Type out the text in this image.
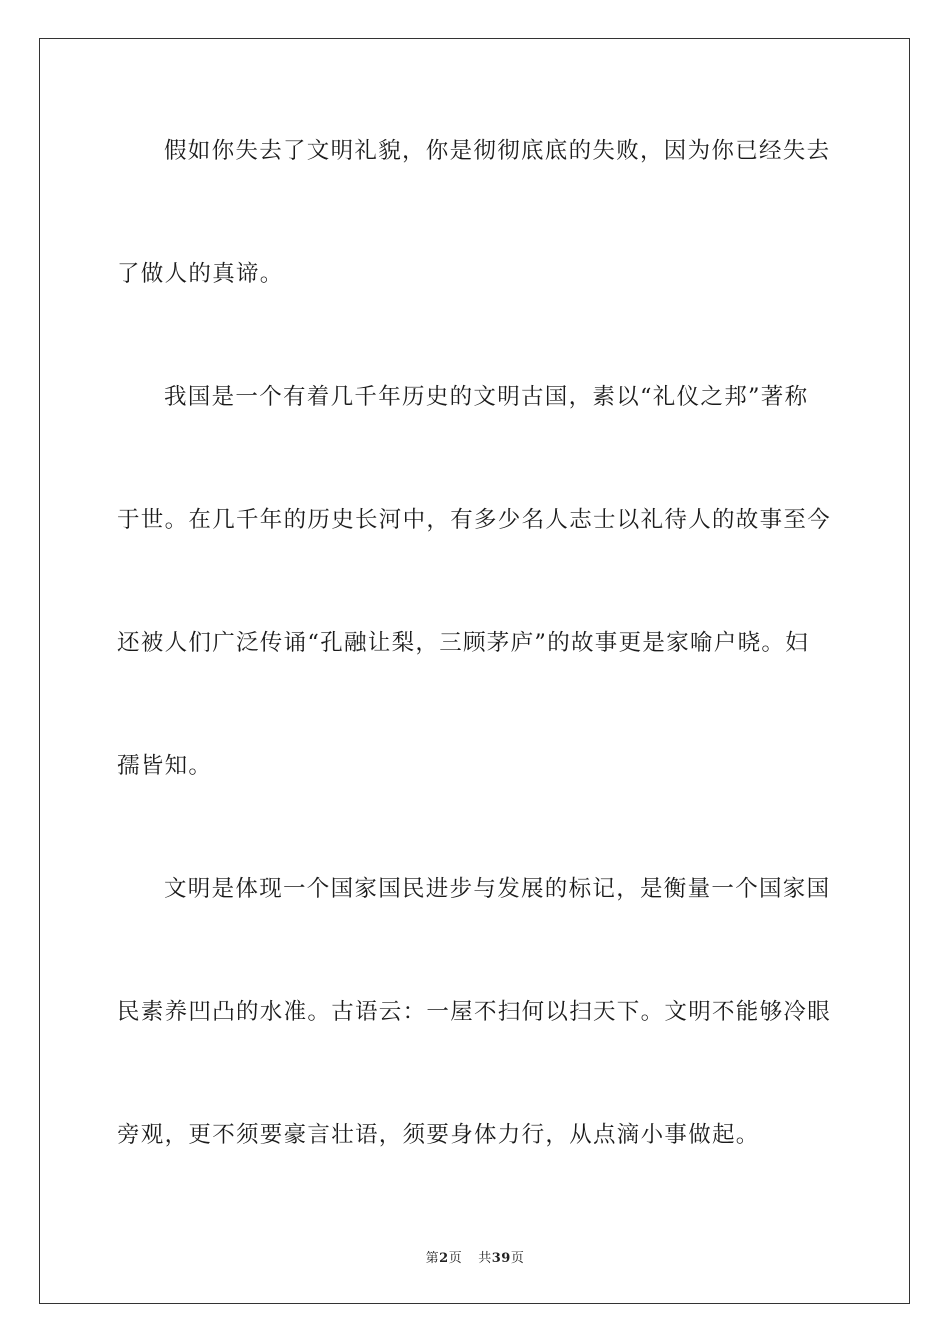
假如你失去了文明礼貌，你是彻彻底底的失败，因为你已经失去
了做人的真谛。
我国是一个有着几千年历史的文明古国，素以“礼仪之邦”著称
于世。在几千年的历史长河中，有多少名人志士以礼待人的故事至今
还被人们广泛传诵“孔融让梨，三顾茅庐”的故事更是家喻户晓。妇
孺皆知。
文明是体现一个国家国民进步与发展的标记，是衡量一个国家国
民素养凹凸的水准。古语云：一屋不扫何以扫天下。文明不能够冷眼
旁观，更不须要豪言壮语，须要身体力行，从点滴小事做起。
第2页 共39页
